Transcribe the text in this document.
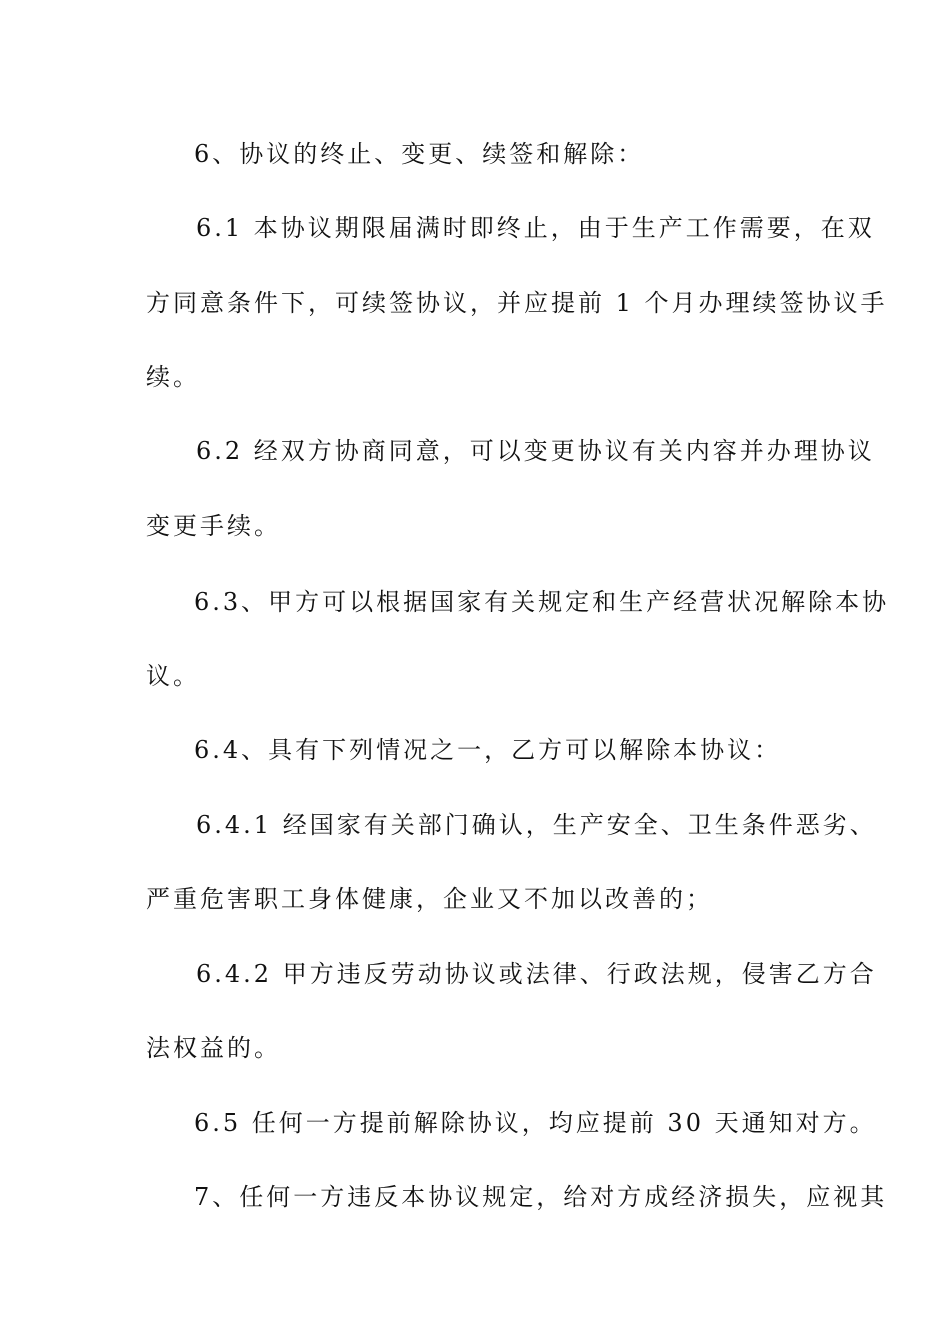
6、协议的终止、变更、续签和解除：
6.1 本协议期限届满时即终止，由于生产工作需要，在双
方同意条件下，可续签协议，并应提前 1 个月办理续签协议手
续。
6.2 经双方协商同意，可以变更协议有关内容并办理协议
变更手续。
6.3、甲方可以根据国家有关规定和生产经营状况解除本协
议。
6.4、具有下列情况之一，乙方可以解除本协议：
6.4.1 经国家有关部门确认，生产安全、卫生条件恶劣、
严重危害职工身体健康，企业又不加以改善的；
6.4.2 甲方违反劳动协议或法律、行政法规，侵害乙方合
法权益的。
6.5 任何一方提前解除协议，均应提前 30 天通知对方。
7、任何一方违反本协议规定，给对方成经济损失，应视其
